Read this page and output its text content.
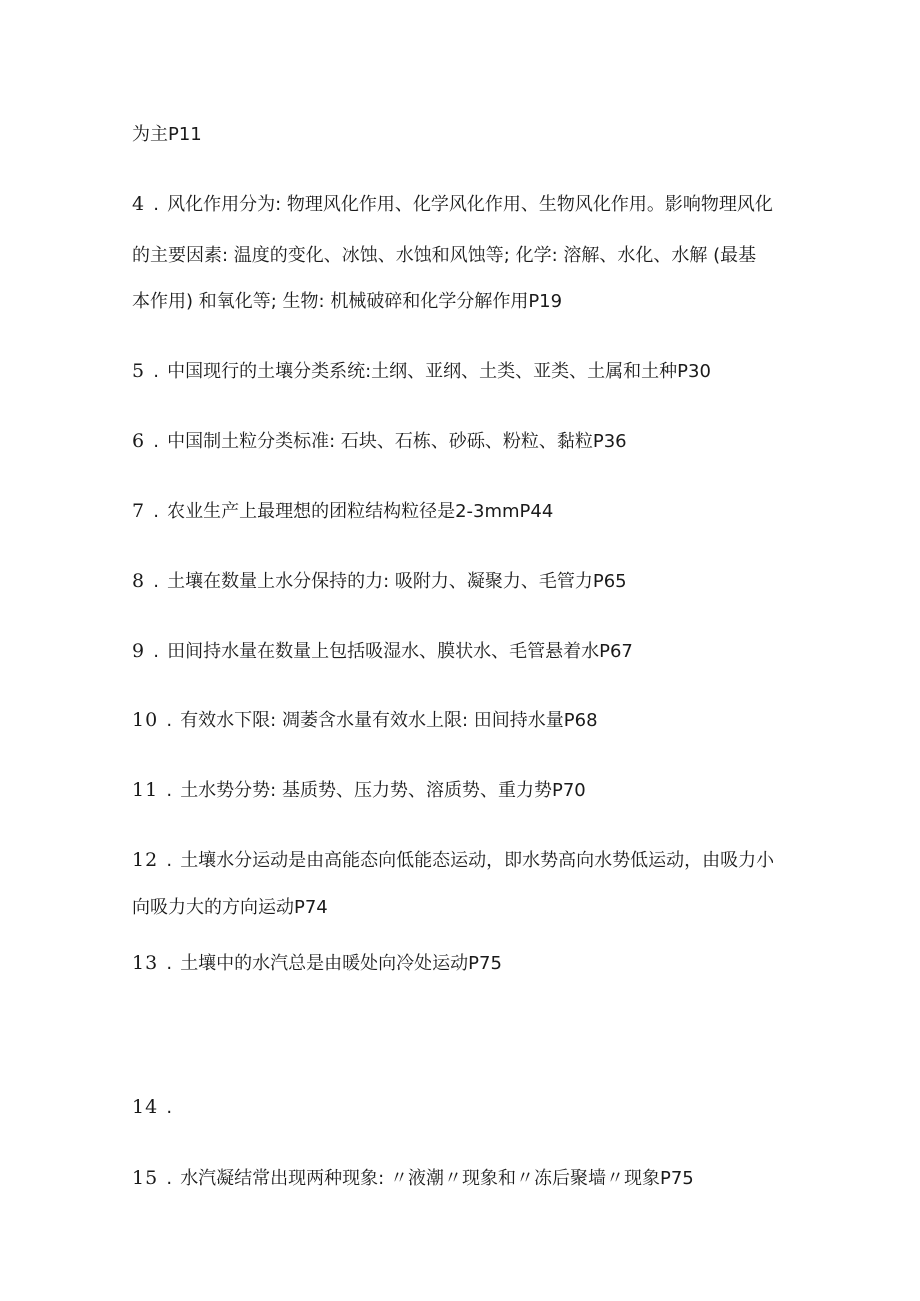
为主P11
4 . 风化作用分为: 物理风化作用、化学风化作用、生物风化作用。影响物理风化
的主要因素: 温度的变化、冰蚀、水蚀和风蚀等; 化学: 溶解、水化、水解 (最基
本作用) 和氧化等; 生物: 机械破碎和化学分解作用P19
5 . 中国现行的土壤分类系统:土纲、亚纲、土类、亚类、土属和土种P30
6 . 中国制土粒分类标准: 石块、石栋、砂砾、粉粒、黏粒P36
7 . 农业生产上最理想的团粒结构粒径是2-3mmP44
8 . 土壤在数量上水分保持的力: 吸附力、凝聚力、毛管力P65
9 . 田间持水量在数量上包括吸湿水、膜状水、毛管悬着水P67
10 . 有效水下限: 凋萎含水量有效水上限: 田间持水量P68
11 . 土水势分势: 基质势、压力势、溶质势、重力势P70
12 . 土壤水分运动是由高能态向低能态运动，即水势高向水势低运动，由吸力小
向吸力大的方向运动P74
13 . 土壤中的水汽总是由暖处向冷处运动P75
14 .
15 . 水汽凝结常出现两种现象: 〃液潮〃现象和〃冻后聚墙〃现象P75
